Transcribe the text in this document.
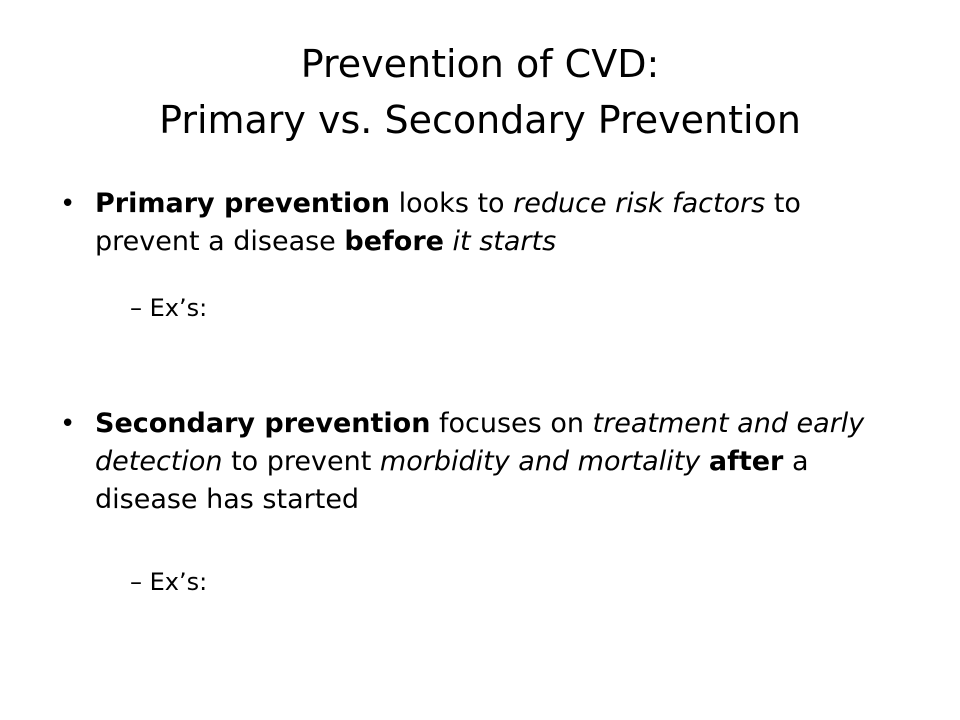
Prevention of CVD:
Primary vs. Secondary Prevention
• Primary prevention looks to reduce risk factors to prevent a disease before it starts
– Ex’s:
• Secondary prevention focuses on treatment and early detection to prevent morbidity and mortality after a disease has started
– Ex’s:
